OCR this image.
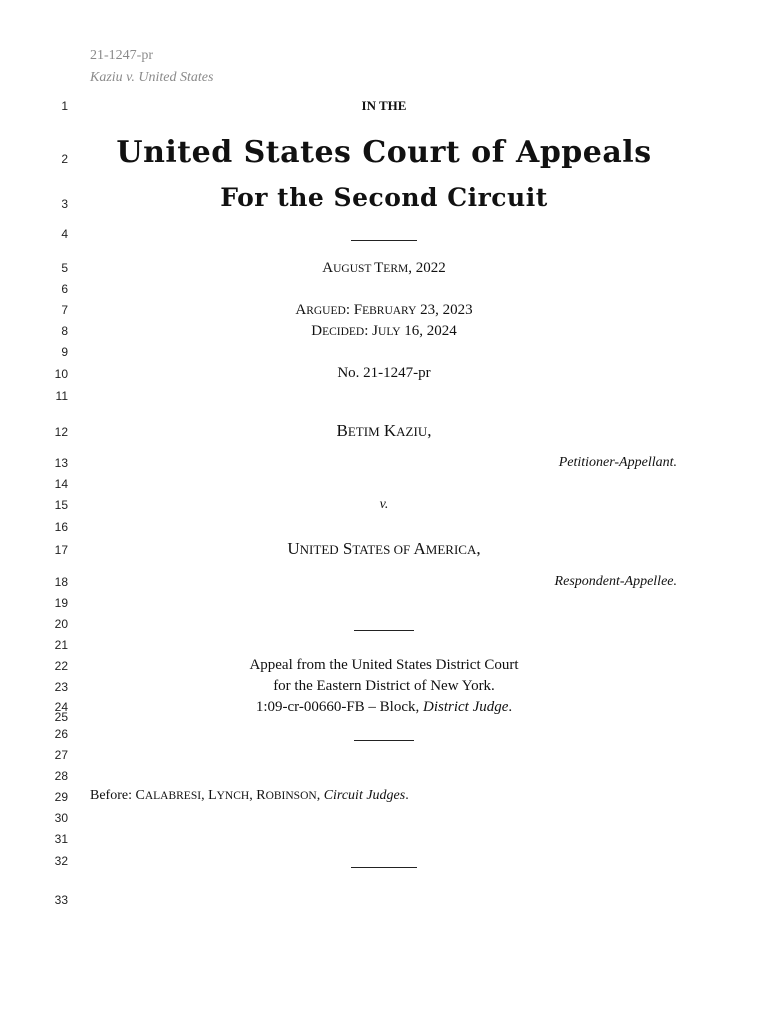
21-1247-pr
Kaziu v. United States
1
2
3
4
5
6
7
8
9
10
11
12
13
14
15
16
17
18
19
20
21
22
23
24
25
26
27
28
29
30
31
32
33
IN THE
United States Court of Appeals
For the Second Circuit
AUGUST TERM, 2022
ARGUED: FEBRUARY 23, 2023
DECIDED: JULY 16, 2024
No. 21-1247-pr
BETIM KAZIU,
Petitioner-Appellant.
v.
UNITED STATES OF AMERICA,
Respondent-Appellee.
Appeal from the United States District Court
for the Eastern District of New York.
1:09-cr-00660-FB – Block, District Judge.
Before: CALABRESI, LYNCH, ROBINSON, Circuit Judges.
